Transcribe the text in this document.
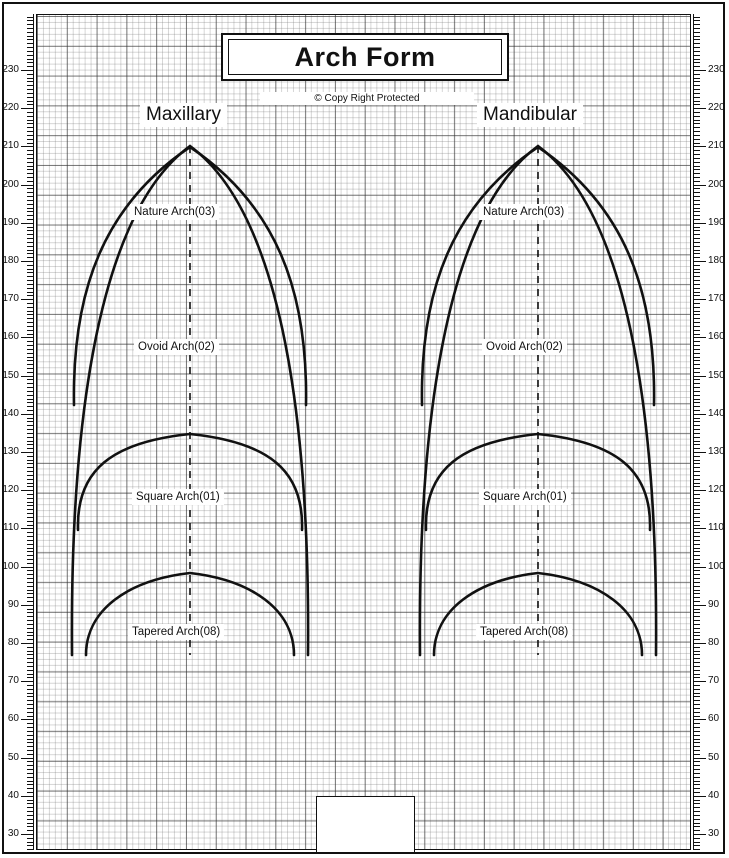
230
220
210
200
190
180
170
160
150
140
130
120
110
100
90
80
70
60
50
40
30
230
220
210
200
190
180
170
160
150
140
130
120
110
100
90
80
70
60
50
40
30
Arch Form
© Copy Right Protected
Maxillary	Mandibular
Nature Arch(03)
Ovoid Arch(02)
Square Arch(01)
Tapered Arch(08)
Nature Arch(03)
Ovoid Arch(02)
Square Arch(01)
Tapered Arch(08)
